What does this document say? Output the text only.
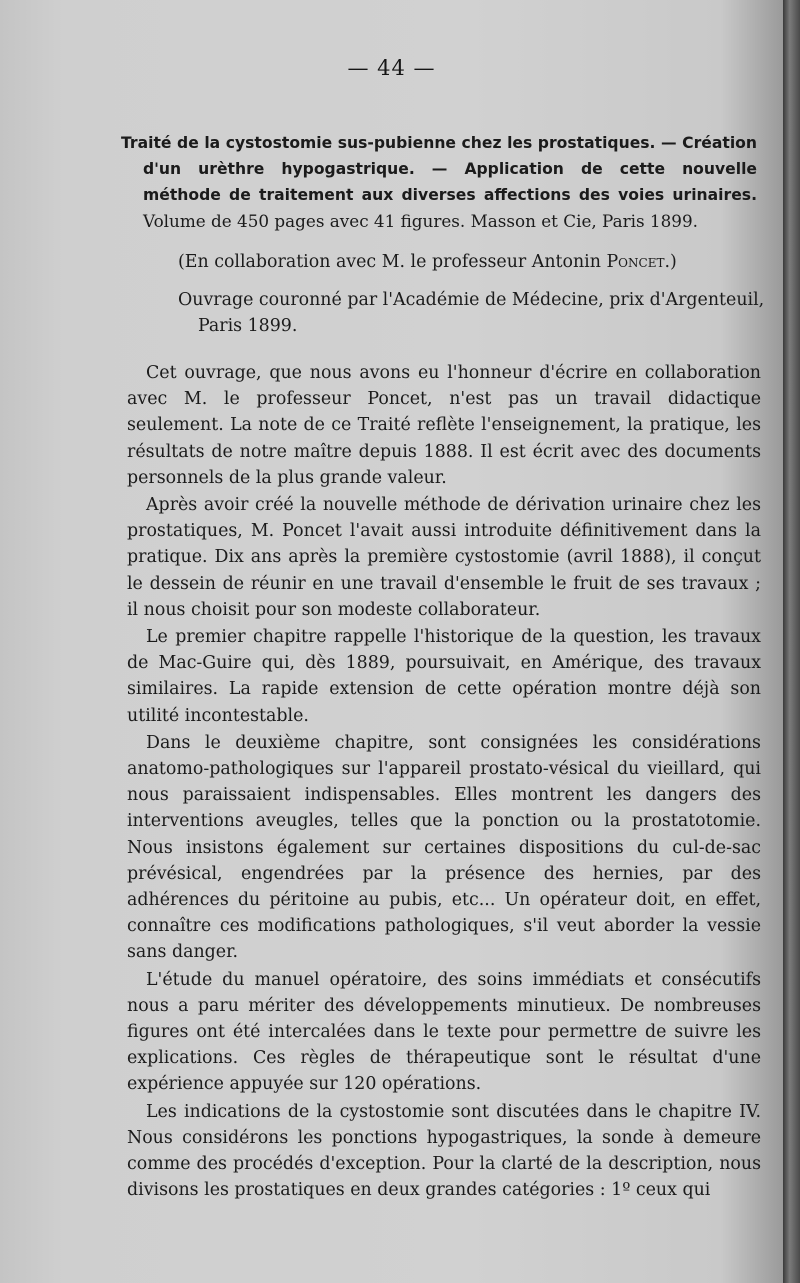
— 44 —

Traité de la cystostomie sus-pubienne chez les prostatiques. — Création d'un urèthre hypogastrique. — Application de cette nouvelle méthode de traitement aux diverses affections des voies urinaires. Volume de 450 pages avec 41 figures. Masson et Cie, Paris 1899.

(En collaboration avec M. le professeur Antonin Poncet.)

Ouvrage couronné par l'Académie de Médecine, prix d'Argenteuil, Paris 1899.

Cet ouvrage, que nous avons eu l'honneur d'écrire en collaboration avec M. le professeur Poncet, n'est pas un travail didactique seulement. La note de ce Traité reflète l'enseignement, la pratique, les résultats de notre maître depuis 1888. Il est écrit avec des documents personnels de la plus grande valeur.

Après avoir créé la nouvelle méthode de dérivation urinaire chez les prostatiques, M. Poncet l'avait aussi introduite définitivement dans la pratique. Dix ans après la première cystostomie (avril 1888), il conçut le dessein de réunir en une travail d'ensemble le fruit de ses travaux ; il nous choisit pour son modeste collaborateur.

Le premier chapitre rappelle l'historique de la question, les travaux de Mac-Guire qui, dès 1889, poursuivait, en Amérique, des travaux similaires. La rapide extension de cette opération montre déjà son utilité incontestable.

Dans le deuxième chapitre, sont consignées les considérations anatomo-pathologiques sur l'appareil prostato-vésical du vieillard, qui nous paraissaient indispensables. Elles montrent les dangers des interventions aveugles, telles que la ponction ou la prostatotomie. Nous insistons également sur certaines dispositions du cul-de-sac prévésical, engendrées par la présence des hernies, par des adhérences du péritoine au pubis, etc... Un opérateur doit, en effet, connaître ces modifications pathologiques, s'il veut aborder la vessie sans danger.

L'étude du manuel opératoire, des soins immédiats et consécutifs nous a paru mériter des développements minutieux. De nombreuses figures ont été intercalées dans le texte pour permettre de suivre les explications. Ces règles de thérapeutique sont le résultat d'une expérience appuyée sur 120 opérations.

Les indications de la cystostomie sont discutées dans le chapitre IV. Nous considérons les ponctions hypogastriques, la sonde à demeure comme des procédés d'exception. Pour la clarté de la description, nous divisons les prostatiques en deux grandes catégories : 1º ceux qui
